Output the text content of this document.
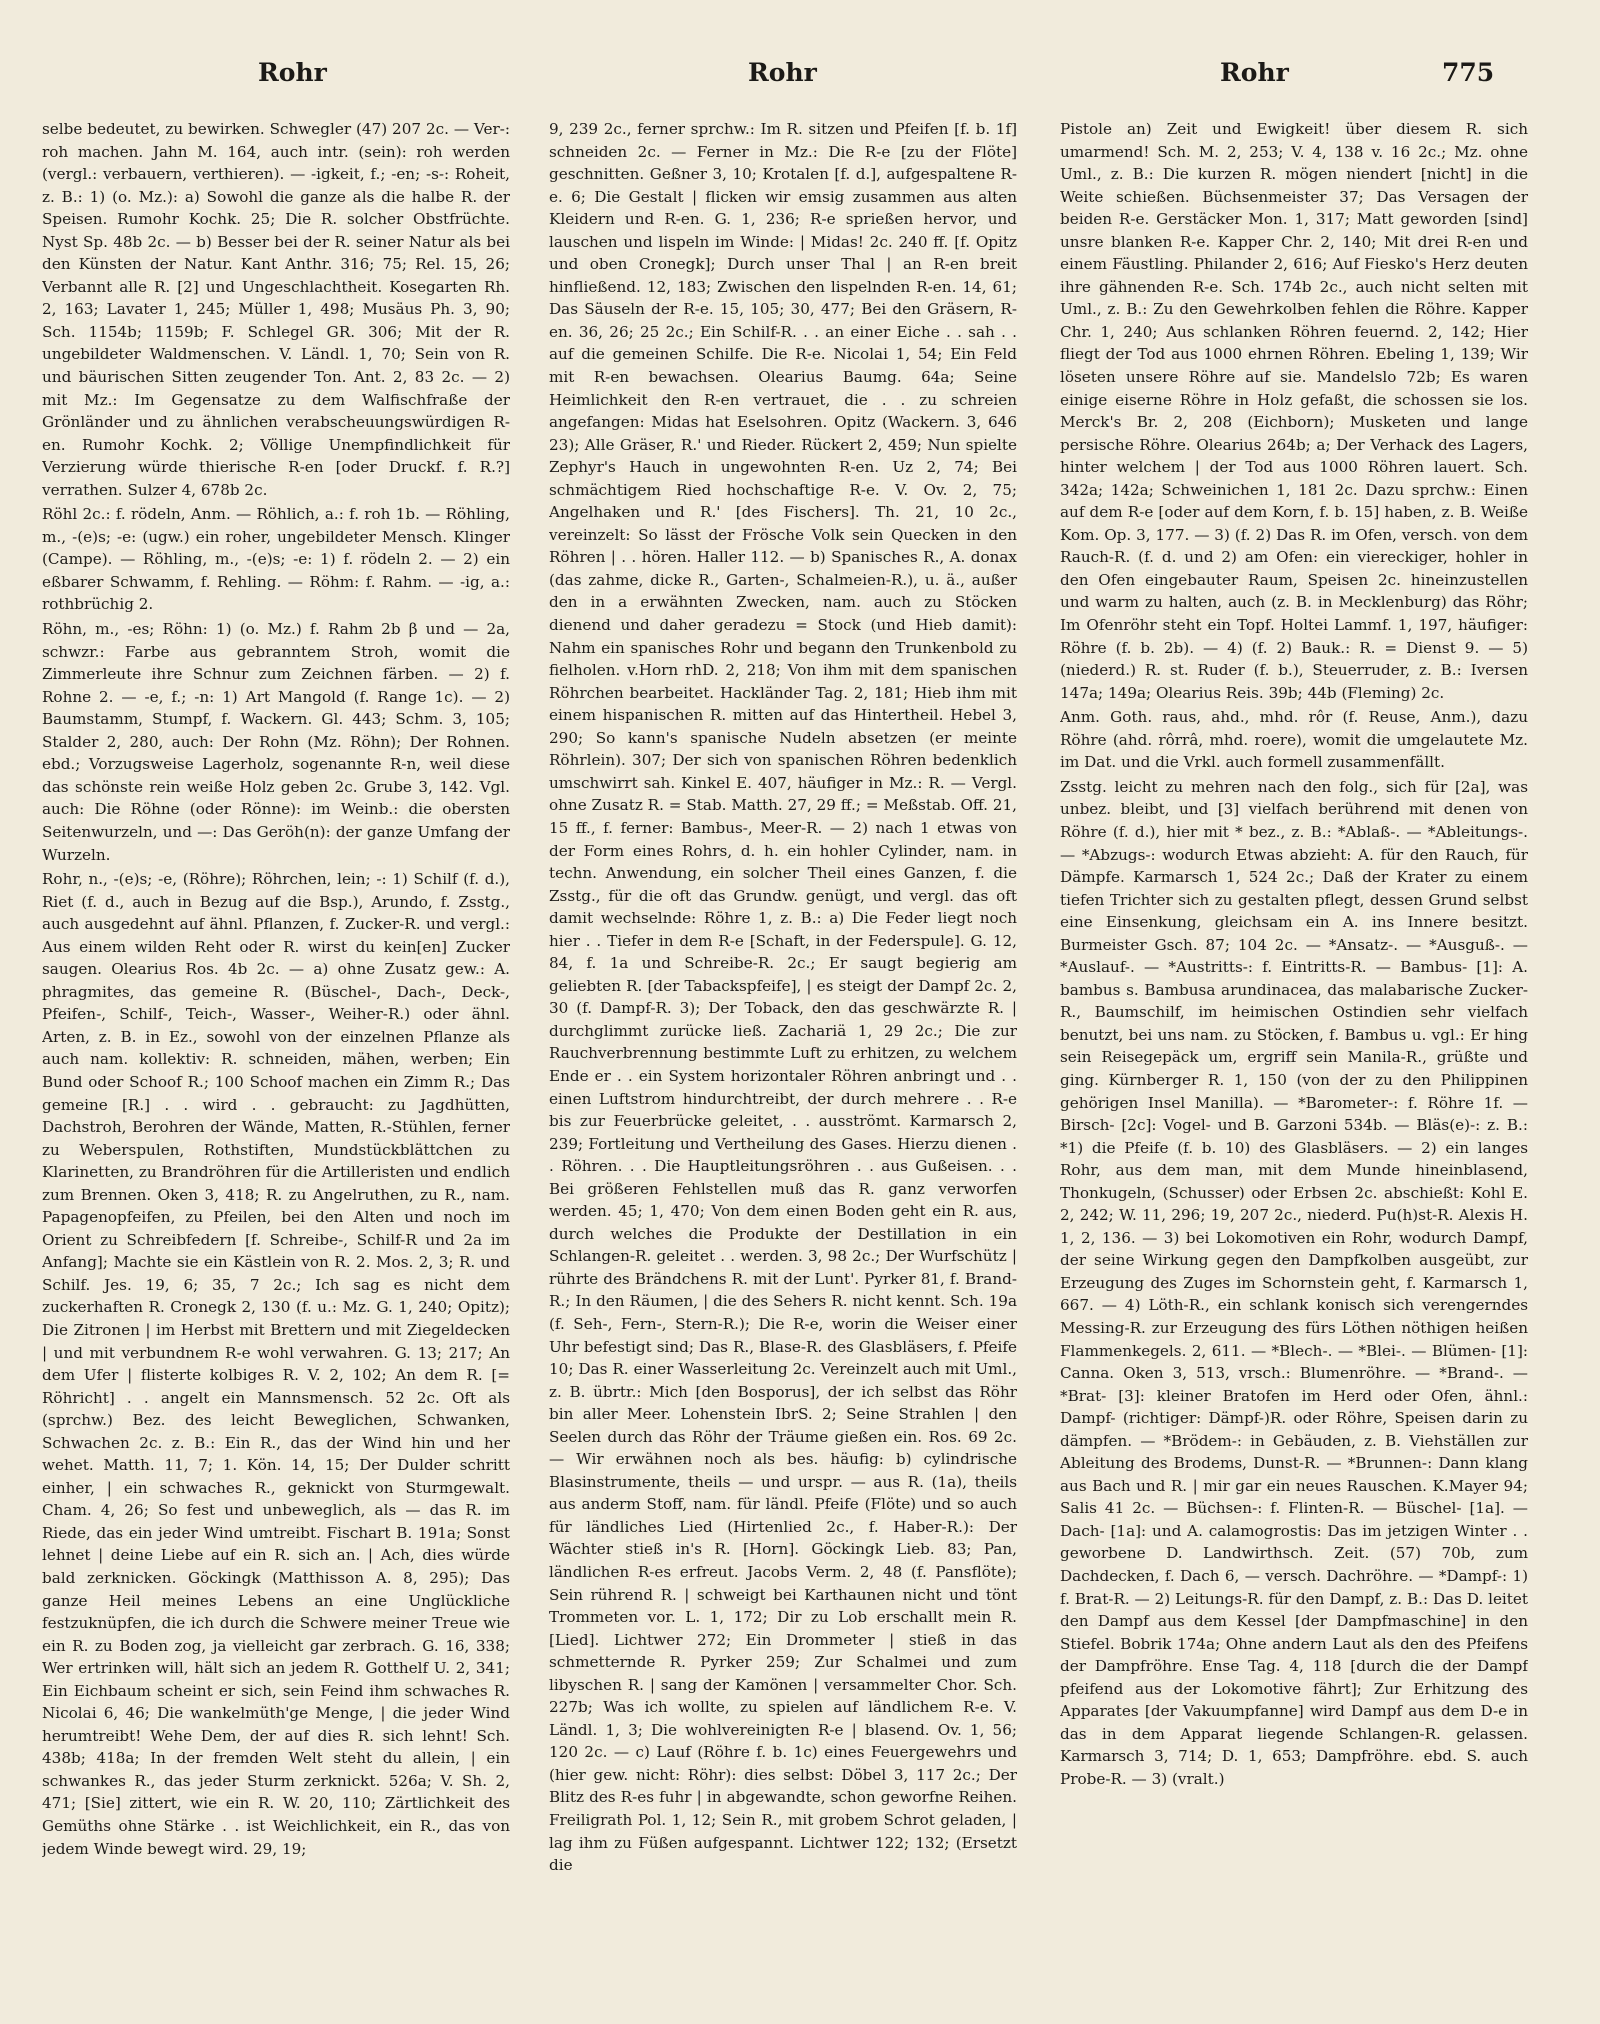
Rohr	Rohr	Rohr	775

selbe bedeutet, zu bewirken. Schwegler (47) 207 2c. — Ver-: roh machen. Jahn M. 164, auch intr. (sein): roh werden (vergl.: verbauern, verthieren). — -igkeit, f.; -en; -s-: Roheit, z. B.: 1) (o. Mz.): a) Sowohl die ganze als die halbe R. der Speisen. Rumohr Kochk. 25; Die R. solcher Obstfrüchte. Nyst Sp. 48b 2c. — b) Besser bei der R. seiner Natur als bei den Künsten der Natur. Kant Anthr. 316; 75; Rel. 15, 26; Verbannt alle R. [2] und Ungeschlachtheit. Kosegarten Rh. 2, 163; Lavater 1, 245; Müller 1, 498; Musäus Ph. 3, 90; Sch. 1154b; 1159b; F. Schlegel GR. 306; Mit der R. ungebildeter Waldmenschen. V. Ländl. 1, 70; Sein von R. und bäurischen Sitten zeugender Ton. Ant. 2, 83 2c. — 2) mit Mz.: Im Gegensatze zu dem Walfischfraße der Grönländer und zu ähnlichen verabscheuungswürdigen R-en. Rumohr Kochk. 2; Völlige Unempfindlichkeit für Verzierung würde thierische R-en [oder Druckf. f. R.?] verrathen. Sulzer 4, 678b 2c.

Röhl 2c.: f. rödeln, Anm. — Röhlich, a.: f. roh 1b. — Röhling, m., -(e)s; -e: (ugw.) ein roher, ungebildeter Mensch. Klinger (Campe). — Röhling, m., -(e)s; -e: 1) f. rödeln 2. — 2) ein eßbarer Schwamm, f. Rehling. — Röhm: f. Rahm. — -ig, a.: rothbrüchig 2.

Röhn, m., -es; Röhn: 1) (o. Mz.) f. Rahm 2b β und — 2a, schwzr.: Farbe aus gebranntem Stroh, womit die Zimmerleute ihre Schnur zum Zeichnen färben. — 2) f. Rohne 2. — -e, f.; -n: 1) Art Mangold (f. Range 1c). — 2) Baumstamm, Stumpf, f. Wackern. Gl. 443; Schm. 3, 105; Stalder 2, 280, auch: Der Rohn (Mz. Röhn); Der Rohnen. ebd.; Vorzugsweise Lagerholz, sogenannte R-n, weil diese das schönste rein weiße Holz geben 2c. Grube 3, 142. Vgl. auch: Die Röhne (oder Rönne): im Weinb.: die obersten Seitenwurzeln, und —: Das Geröh(n): der ganze Umfang der Wurzeln.

Rohr, n., -(e)s; -e, (Röhre); Röhrchen, lein; -: 1) Schilf (f. d.), Riet (f. d., auch in Bezug auf die Bsp.), Arundo, f. Zsstg., auch ausgedehnt auf ähnl. Pflanzen, f. Zucker-R. und vergl.: Aus einem wilden Reht oder R. wirst du kein[en] Zucker saugen. Olearius Ros. 4b 2c. — a) ohne Zusatz gew.: A. phragmites, das gemeine R. (Büschel-, Dach-, Deck-, Pfeifen-, Schilf-, Teich-, Wasser-, Weiher-R.) oder ähnl. Arten, z. B. in Ez., sowohl von der einzelnen Pflanze als auch nam. kollektiv: R. schneiden, mähen, werben; Ein Bund oder Schoof R.; 100 Schoof machen ein Zimm R.; Das gemeine [R.] . . wird . . gebraucht: zu Jagdhütten, Dachstroh, Berohren der Wände, Matten, R.-Stühlen, ferner zu Weberspulen, Rothstiften, Mundstückblättchen zu Klarinetten, zu Brandröhren für die Artilleristen und endlich zum Brennen. Oken 3, 418; R. zu Angelruthen, zu R., nam. Papagenopfeifen, zu Pfeilen, bei den Alten und noch im Orient zu Schreibfedern [f. Schreibe-, Schilf-R und 2a im Anfang]; Machte sie ein Kästlein von R. 2. Mos. 2, 3; R. und Schilf. Jes. 19, 6; 35, 7 2c.; Ich sag es nicht dem zuckerhaften R. Cronegk 2, 130 (f. u.: Mz. G. 1, 240; Opitz); Die Zitronen | im Herbst mit Brettern und mit Ziegeldecken | und mit verbundnem R-e wohl verwahren. G. 13; 217; An dem Ufer | flisterte kolbiges R. V. 2, 102; An dem R. [= Röhricht] . . angelt ein Mannsmensch. 52 2c. Oft als (sprchw.) Bez. des leicht Beweglichen, Schwanken, Schwachen 2c. z. B.: Ein R., das der Wind hin und her wehet. Matth. 11, 7; 1. Kön. 14, 15; Der Dulder schritt einher, | ein schwaches R., geknickt von Sturmgewalt. Cham. 4, 26; So fest und unbeweglich, als — das R. im Riede, das ein jeder Wind umtreibt. Fischart B. 191a; Sonst lehnet | deine Liebe auf ein R. sich an. | Ach, dies würde bald zerknicken. Göckingk (Matthisson A. 8, 295); Das ganze Heil meines Lebens an eine Unglückliche festzuknüpfen, die ich durch die Schwere meiner Treue wie ein R. zu Boden zog, ja vielleicht gar zerbrach. G. 16, 338; Wer ertrinken will, hält sich an jedem R. Gotthelf U. 2, 341; Ein Eichbaum scheint er sich, sein Feind ihm schwaches R. Nicolai 6, 46; Die wankelmüth'ge Menge, | die jeder Wind herumtreibt! Wehe Dem, der auf dies R. sich lehnt! Sch. 438b; 418a; In der fremden Welt steht du allein, | ein schwankes R., das jeder Sturm zerknickt. 526a; V. Sh. 2, 471; [Sie] zittert, wie ein R. W. 20, 110; Zärtlichkeit des Gemüths ohne Stärke . . ist Weichlichkeit, ein R., das von jedem Winde bewegt wird. 29, 19;

9, 239 2c., ferner sprchw.: Im R. sitzen und Pfeifen [f. b. 1f] schneiden 2c. — Ferner in Mz.: Die R-e [zu der Flöte] geschnitten. Geßner 3, 10; Krotalen [f. d.], aufgespaltene R-e. 6; Die Gestalt | flicken wir emsig zusammen aus alten Kleidern und R-en. G. 1, 236; R-e sprießen hervor, und lauschen und lispeln im Winde: | Midas! 2c. 240 ff. [f. Opitz und oben Cronegk]; Durch unser Thal | an R-en breit hinfließend. 12, 183; Zwischen den lispelnden R-en. 14, 61; Das Säuseln der R-e. 15, 105; 30, 477; Bei den Gräsern, R-en. 36, 26; 25 2c.; Ein Schilf-R. . . an einer Eiche . . sah . . auf die gemeinen Schilfe. Die R-e. Nicolai 1, 54; Ein Feld mit R-en bewachsen. Olearius Baumg. 64a; Seine Heimlichkeit den R-en vertrauet, die . . zu schreien angefangen: Midas hat Eselsohren. Opitz (Wackern. 3, 646 23); Alle Gräser, R.' und Rieder. Rückert 2, 459; Nun spielte Zephyr's Hauch in ungewohnten R-en. Uz 2, 74; Bei schmächtigem Ried hochschaftige R-e. V. Ov. 2, 75; Angelhaken und R.' [des Fischers]. Th. 21, 10 2c., vereinzelt: So lässt der Frösche Volk sein Quecken in den Röhren | . . hören. Haller 112. — b) Spanisches R., A. donax (das zahme, dicke R., Garten-, Schalmeien-R.), u. ä., außer den in a erwähnten Zwecken, nam. auch zu Stöcken dienend und daher geradezu = Stock (und Hieb damit): Nahm ein spanisches Rohr und begann den Trunkenbold zu fielholen. v.Horn rhD. 2, 218; Von ihm mit dem spanischen Röhrchen bearbeitet. Hackländer Tag. 2, 181; Hieb ihm mit einem hispanischen R. mitten auf das Hintertheil. Hebel 3, 290; So kann's spanische Nudeln absetzen (er meinte Röhrlein). 307; Der sich von spanischen Röhren bedenklich umschwirrt sah. Kinkel E. 407, häufiger in Mz.: R. — Vergl. ohne Zusatz R. = Stab. Matth. 27, 29 ff.; = Meßstab. Off. 21, 15 ff., f. ferner: Bambus-, Meer-R. — 2) nach 1 etwas von der Form eines Rohrs, d. h. ein hohler Cylinder, nam. in techn. Anwendung, ein solcher Theil eines Ganzen, f. die Zsstg., für die oft das Grundw. genügt, und vergl. das oft damit wechselnde: Röhre 1, z. B.: a) Die Feder liegt noch hier . . Tiefer in dem R-e [Schaft, in der Federspule]. G. 12, 84, f. 1a und Schreibe-R. 2c.; Er saugt begierig am geliebten R. [der Tabackspfeife], | es steigt der Dampf 2c. 2, 30 (f. Dampf-R. 3); Der Toback, den das geschwärzte R. | durchglimmt zurücke ließ. Zachariä 1, 29 2c.; Die zur Rauchverbrennung bestimmte Luft zu erhitzen, zu welchem Ende er . . ein System horizontaler Röhren anbringt und . . einen Luftstrom hindurchtreibt, der durch mehrere . . R-e bis zur Feuerbrücke geleitet, . . ausströmt. Karmarsch 2, 239; Fortleitung und Vertheilung des Gases. Hierzu dienen . . Röhren. . . Die Hauptleitungsröhren . . aus Gußeisen. . . Bei größeren Fehlstellen muß das R. ganz verworfen werden. 45; 1, 470; Von dem einen Boden geht ein R. aus, durch welches die Produkte der Destillation in ein Schlangen-R. geleitet . . werden. 3, 98 2c.; Der Wurfschütz | rührte des Brändchens R. mit der Lunt'. Pyrker 81, f. Brand-R.; In den Räumen, | die des Sehers R. nicht kennt. Sch. 19a (f. Seh-, Fern-, Stern-R.); Die R-e, worin die Weiser einer Uhr befestigt sind; Das R., Blase-R. des Glasbläsers, f. Pfeife 10; Das R. einer Wasserleitung 2c. Vereinzelt auch mit Uml., z. B. übrtr.: Mich [den Bosporus], der ich selbst das Röhr bin aller Meer. Lohenstein IbrS. 2; Seine Strahlen | den Seelen durch das Röhr der Träume gießen ein. Ros. 69 2c. — Wir erwähnen noch als bes. häufig: b) cylindrische Blasinstrumente, theils — und urspr. — aus R. (1a), theils aus anderm Stoff, nam. für ländl. Pfeife (Flöte) und so auch für ländliches Lied (Hirtenlied 2c., f. Haber-R.): Der Wächter stieß in's R. [Horn]. Göckingk Lieb. 83; Pan, ländlichen R-es erfreut. Jacobs Verm. 2, 48 (f. Pansflöte); Sein rührend R. | schweigt bei Karthaunen nicht und tönt Trommeten vor. L. 1, 172; Dir zu Lob erschallt mein R. [Lied]. Lichtwer 272; Ein Drommeter | stieß in das schmetternde R. Pyrker 259; Zur Schalmei und zum libyschen R. | sang der Kamönen | versammelter Chor. Sch. 227b; Was ich wollte, zu spielen auf ländlichem R-e. V. Ländl. 1, 3; Die wohlvereinigten R-e | blasend. Ov. 1, 56; 120 2c. — c) Lauf (Röhre f. b. 1c) eines Feuergewehrs und (hier gew. nicht: Röhr): dies selbst: Döbel 3, 117 2c.; Der Blitz des R-es fuhr | in abgewandte, schon geworfne Reihen. Freiligrath Pol. 1, 12; Sein R., mit grobem Schrot geladen, | lag ihm zu Füßen aufgespannt. Lichtwer 122; 132; (Ersetzt die

Pistole an) Zeit und Ewigkeit! über diesem R. sich umarmend! Sch. M. 2, 253; V. 4, 138 v. 16 2c.; Mz. ohne Uml., z. B.: Die kurzen R. mögen niendert [nicht] in die Weite schießen. Büchsenmeister 37; Das Versagen der beiden R-e. Gerstäcker Mon. 1, 317; Matt geworden [sind] unsre blanken R-e. Kapper Chr. 2, 140; Mit drei R-en und einem Fäustling. Philander 2, 616; Auf Fiesko's Herz deuten ihre gähnenden R-e. Sch. 174b 2c., auch nicht selten mit Uml., z. B.: Zu den Gewehrkolben fehlen die Röhre. Kapper Chr. 1, 240; Aus schlanken Röhren feuernd. 2, 142; Hier fliegt der Tod aus 1000 ehrnen Röhren. Ebeling 1, 139; Wir löseten unsere Röhre auf sie. Mandelslo 72b; Es waren einige eiserne Röhre in Holz gefaßt, die schossen sie los. Merck's Br. 2, 208 (Eichborn); Musketen und lange persische Röhre. Olearius 264b; a; Der Verhack des Lagers, hinter welchem | der Tod aus 1000 Röhren lauert. Sch. 342a; 142a; Schweinichen 1, 181 2c. Dazu sprchw.: Einen auf dem R-e [oder auf dem Korn, f. b. 15] haben, z. B. Weiße Kom. Op. 3, 177. — 3) (f. 2) Das R. im Ofen, versch. von dem Rauch-R. (f. d. und 2) am Ofen: ein viereckiger, hohler in den Ofen eingebauter Raum, Speisen 2c. hineinzustellen und warm zu halten, auch (z. B. in Mecklenburg) das Röhr; Im Ofenröhr steht ein Topf. Holtei Lammf. 1, 197, häufiger: Röhre (f. b. 2b). — 4) (f. 2) Bauk.: R. = Dienst 9. — 5) (niederd.) R. st. Ruder (f. b.), Steuerruder, z. B.: Iversen 147a; 149a; Olearius Reis. 39b; 44b (Fleming) 2c.

Anm. Goth. raus, ahd., mhd. rôr (f. Reuse, Anm.), dazu Röhre (ahd. rôrrâ, mhd. roere), womit die umgelautete Mz. im Dat. und die Vrkl. auch formell zusammenfällt.

Zsstg. leicht zu mehren nach den folg., sich für [2a], was unbez. bleibt, und [3] vielfach berührend mit denen von Röhre (f. d.), hier mit * bez., z. B.: *Ablaß-. — *Ableitungs-. — *Abzugs-: wodurch Etwas abzieht: A. für den Rauch, für Dämpfe. Karmarsch 1, 524 2c.; Daß der Krater zu einem tiefen Trichter sich zu gestalten pflegt, dessen Grund selbst eine Einsenkung, gleichsam ein A. ins Innere besitzt. Burmeister Gsch. 87; 104 2c. — *Ansatz-. — *Ausguß-. — *Auslauf-. — *Austritts-: f. Eintritts-R. — Bambus- [1]: A. bambus s. Bambusa arundinacea, das malabarische Zucker-R., Baumschilf, im heimischen Ostindien sehr vielfach benutzt, bei uns nam. zu Stöcken, f. Bambus u. vgl.: Er hing sein Reisegepäck um, ergriff sein Manila-R., grüßte und ging. Kürnberger R. 1, 150 (von der zu den Philippinen gehörigen Insel Manilla). — *Barometer-: f. Röhre 1f. — Birsch- [2c]: Vogel- und B. Garzoni 534b. — Bläs(e)-: z. B.: *1) die Pfeife (f. b. 10) des Glasbläsers. — 2) ein langes Rohr, aus dem man, mit dem Munde hineinblasend, Thonkugeln, (Schusser) oder Erbsen 2c. abschießt: Kohl E. 2, 242; W. 11, 296; 19, 207 2c., niederd. Pu(h)st-R. Alexis H. 1, 2, 136. — 3) bei Lokomotiven ein Rohr, wodurch Dampf, der seine Wirkung gegen den Dampfkolben ausgeübt, zur Erzeugung des Zuges im Schornstein geht, f. Karmarsch 1, 667. — 4) Löth-R., ein schlank konisch sich verengerndes Messing-R. zur Erzeugung des fürs Löthen nöthigen heißen Flammenkegels. 2, 611. — *Blech-. — *Blei-. — Blümen- [1]: Canna. Oken 3, 513, vrsch.: Blumenröhre. — *Brand-. — *Brat- [3]: kleiner Bratofen im Herd oder Ofen, ähnl.: Dampf- (richtiger: Dämpf-)R. oder Röhre, Speisen darin zu dämpfen. — *Brödem-: in Gebäuden, z. B. Viehställen zur Ableitung des Brodems, Dunst-R. — *Brunnen-: Dann klang aus Bach und R. | mir gar ein neues Rauschen. K.Mayer 94; Salis 41 2c. — Büchsen-: f. Flinten-R. — Büschel- [1a]. — Dach- [1a]: und A. calamogrostis: Das im jetzigen Winter . . geworbene D. Landwirthsch. Zeit. (57) 70b, zum Dachdecken, f. Dach 6, — versch. Dachröhre. — *Dampf-: 1) f. Brat-R. — 2) Leitungs-R. für den Dampf, z. B.: Das D. leitet den Dampf aus dem Kessel [der Dampfmaschine] in den Stiefel. Bobrik 174a; Ohne andern Laut als den des Pfeifens der Dampfröhre. Ense Tag. 4, 118 [durch die der Dampf pfeifend aus der Lokomotive fährt]; Zur Erhitzung des Apparates [der Vakuumpfanne] wird Dampf aus dem D-e in das in dem Apparat liegende Schlangen-R. gelassen. Karmarsch 3, 714; D. 1, 653; Dampfröhre. ebd. S. auch Probe-R. — 3) (vralt.)
